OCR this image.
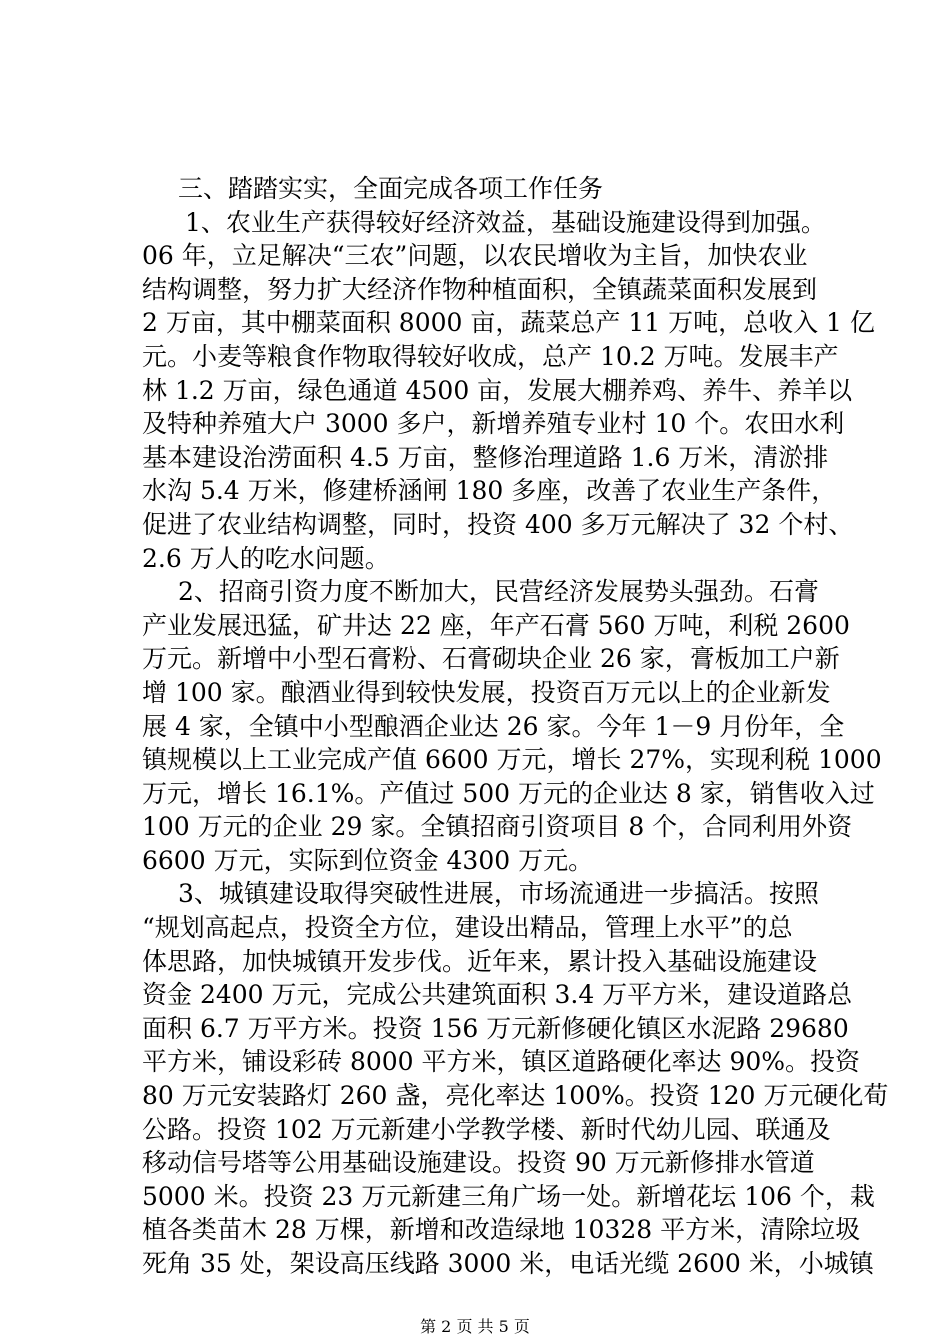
三、踏踏实实，全面完成各项工作任务
1、农业生产获得较好经济效益，基础设施建设得到加强。
06 年，立足解决“三农”问题，以农民增收为主旨，加快农业
结构调整，努力扩大经济作物种植面积，全镇蔬菜面积发展到
2 万亩，其中棚菜面积 8000 亩，蔬菜总产 11 万吨，总收入 1 亿
元。小麦等粮食作物取得较好收成，总产 10.2 万吨。发展丰产
林 1.2 万亩，绿色通道 4500 亩，发展大棚养鸡、养牛、养羊以
及特种养殖大户 3000 多户，新增养殖专业村 10 个。农田水利
基本建设治涝面积 4.5 万亩，整修治理道路 1.6 万米，清淤排
水沟 5.4 万米，修建桥涵闸 180 多座，改善了农业生产条件，
促进了农业结构调整，同时，投资 400 多万元解决了 32 个村、
2.6 万人的吃水问题。
2、招商引资力度不断加大，民营经济发展势头强劲。石膏
产业发展迅猛，矿井达 22 座，年产石膏 560 万吨，利税 2600
万元。新增中小型石膏粉、石膏砌块企业 26 家，膏板加工户新
增 100 家。酿酒业得到较快发展，投资百万元以上的企业新发
展 4 家，全镇中小型酿酒企业达 26 家。今年 1－9 月份年，全
镇规模以上工业完成产值 6600 万元，增长 27%，实现利税 1000
万元，增长 16.1%。产值过 500 万元的企业达 8 家，销售收入过
100 万元的企业 29 家。全镇招商引资项目 8 个，合同利用外资
6600 万元，实际到位资金 4300 万元。
3、城镇建设取得突破性进展，市场流通进一步搞活。按照
“规划高起点，投资全方位，建设出精品，管理上水平”的总
体思路，加快城镇开发步伐。近年来，累计投入基础设施建设
资金 2400 万元，完成公共建筑面积 3.4 万平方米，建设道路总
面积 6.7 万平方米。投资 156 万元新修硬化镇区水泥路 29680
平方米，铺设彩砖 8000 平方米，镇区道路硬化率达 90%。投资
80 万元安装路灯 260 盏，亮化率达 100%。投资 120 万元硬化荀
公路。投资 102 万元新建小学教学楼、新时代幼儿园、联通及
移动信号塔等公用基础设施建设。投资 90 万元新修排水管道
5000 米。投资 23 万元新建三角广场一处。新增花坛 106 个，栽
植各类苗木 28 万棵，新增和改造绿地 10328 平方米，清除垃圾
死角 35 处，架设高压线路 3000 米，电话光缆 2600 米，小城镇
第 2 页 共 5 页
